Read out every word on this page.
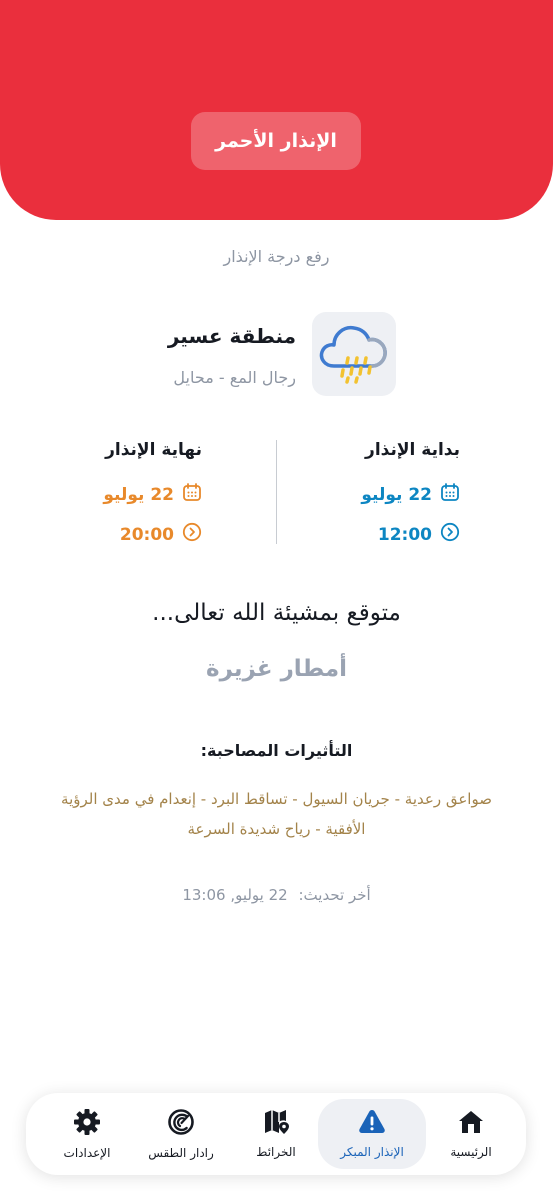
الإنذار الأحمر
رفع درجة الإنذار
منطقة عسير
رجال المع - محايل
بداية الإنذار
22 يوليو
12:00
نهاية الإنذار
22 يوليو
20:00
متوقع بمشيئة الله تعالى...
أمطار غزيرة
التأثيرات المصاحبة:
صواعق رعدية - جريان السيول - تساقط البرد - إنعدام في مدى الرؤية الأفقية - رياح شديدة السرعة
أخر تحديث: 22 يوليو, 13:06
الرئيسية
الإنذار المبكر
الخرائط
رادار الطقس
الإعدادات
